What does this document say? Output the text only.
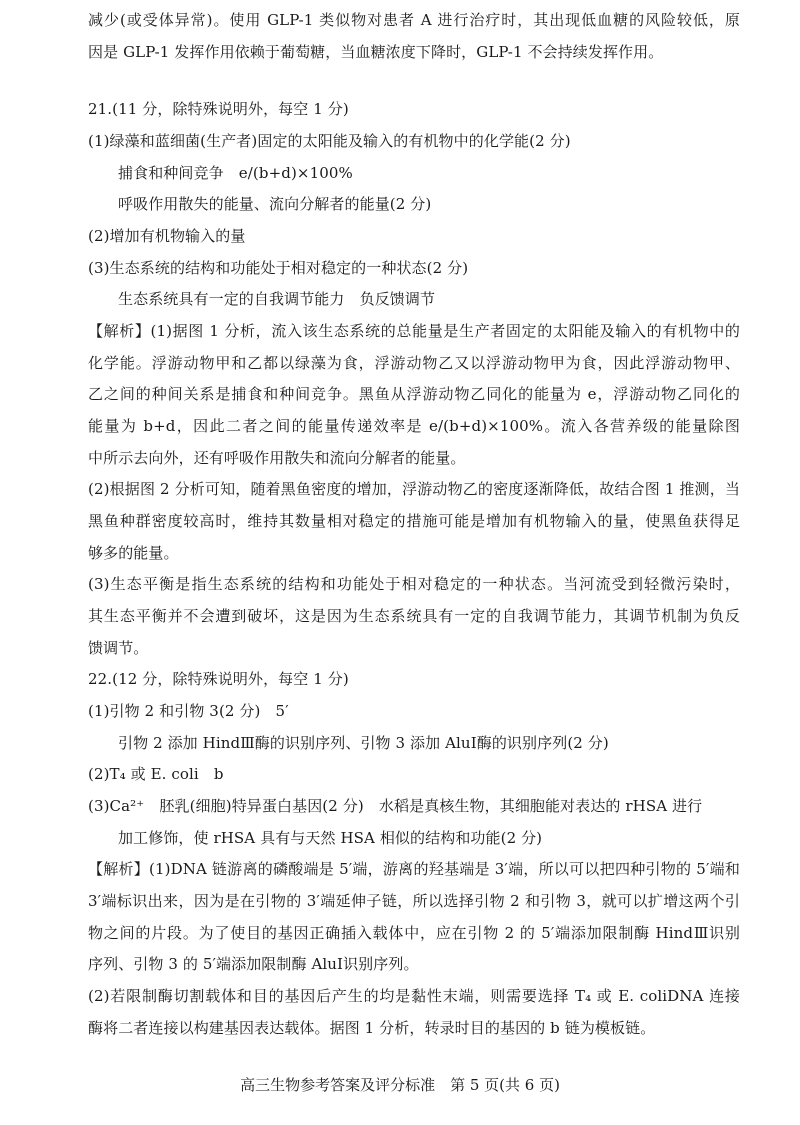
减少(或受体异常)。使用 GLP-1 类似物对患者 A 进行治疗时，其出现低血糖的风险较低，原
因是 GLP-1 发挥作用依赖于葡萄糖，当血糖浓度下降时，GLP-1 不会持续发挥作用。
21.(11 分，除特殊说明外，每空 1 分)
(1)绿藻和蓝细菌(生产者)固定的太阳能及输入的有机物中的化学能(2 分)
捕食和种间竞争　e/(b+d)×100%
呼吸作用散失的能量、流向分解者的能量(2 分)
(2)增加有机物输入的量
(3)生态系统的结构和功能处于相对稳定的一种状态(2 分)
生态系统具有一定的自我调节能力　负反馈调节
【解析】(1)据图 1 分析，流入该生态系统的总能量是生产者固定的太阳能及输入的有机物中的
化学能。浮游动物甲和乙都以绿藻为食，浮游动物乙又以浮游动物甲为食，因此浮游动物甲、
乙之间的种间关系是捕食和种间竞争。黑鱼从浮游动物乙同化的能量为 e，浮游动物乙同化的
能量为 b+d，因此二者之间的能量传递效率是 e/(b+d)×100%。流入各营养级的能量除图
中所示去向外，还有呼吸作用散失和流向分解者的能量。
(2)根据图 2 分析可知，随着黑鱼密度的增加，浮游动物乙的密度逐渐降低，故结合图 1 推测，当
黑鱼种群密度较高时，维持其数量相对稳定的措施可能是增加有机物输入的量，使黑鱼获得足
够多的能量。
(3)生态平衡是指生态系统的结构和功能处于相对稳定的一种状态。当河流受到轻微污染时，
其生态平衡并不会遭到破坏，这是因为生态系统具有一定的自我调节能力，其调节机制为负反
馈调节。
22.(12 分，除特殊说明外，每空 1 分)
(1)引物 2 和引物 3(2 分)　5′
引物 2 添加 HindⅢ酶的识别序列、引物 3 添加 AluⅠ酶的识别序列(2 分)
(2)T₄ 或 E. coli　b
(3)Ca²⁺　胚乳(细胞)特异蛋白基因(2 分)　水稻是真核生物，其细胞能对表达的 rHSA 进行
加工修饰，使 rHSA 具有与天然 HSA 相似的结构和功能(2 分)
【解析】(1)DNA 链游离的磷酸端是 5′端，游离的羟基端是 3′端，所以可以把四种引物的 5′端和
3′端标识出来，因为是在引物的 3′端延伸子链，所以选择引物 2 和引物 3，就可以扩增这两个引
物之间的片段。为了使目的基因正确插入载体中，应在引物 2 的 5′端添加限制酶 HindⅢ识别
序列、引物 3 的 5′端添加限制酶 AluⅠ识别序列。
(2)若限制酶切割载体和目的基因后产生的均是黏性末端，则需要选择 T₄ 或 E. coliDNA 连接
酶将二者连接以构建基因表达载体。据图 1 分析，转录时目的基因的 b 链为模板链。
高三生物参考答案及评分标准　第 5 页(共 6 页)
